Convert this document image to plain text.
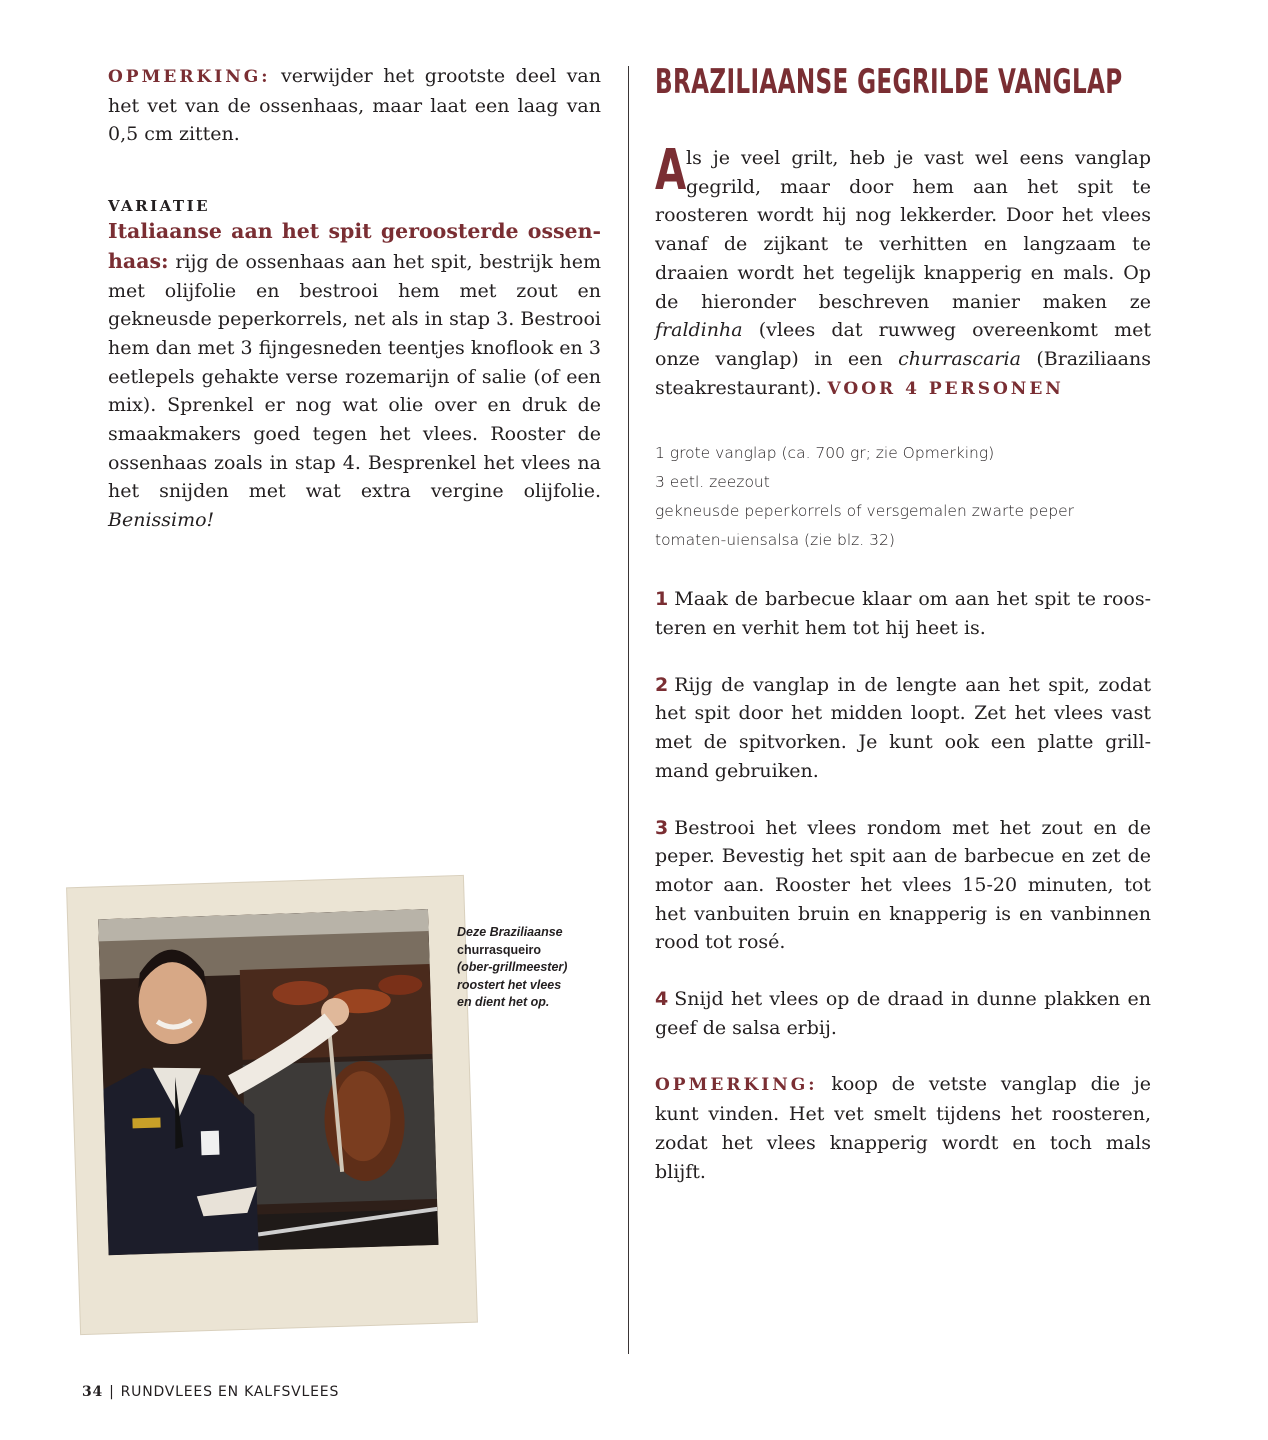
OPMERKING: verwijder het grootste deel van het vet van de ossenhaas, maar laat een laag van 0,5 cm zitten.

VARIATIE

Italiaanse aan het spit geroosterde ossenhaas: rijg de ossenhaas aan het spit, bestrijk hem met olijfolie en bestrooi hem met zout en gekneusde peperkorrels, net als in stap 3. Bestrooi hem dan met 3 fijngesneden teentjes knoflook en 3 eetlepels gehakte verse rozemarijn of salie (of een mix). Sprenkel er nog wat olie over en druk de smaakmakers goed tegen het vlees. Rooster de ossenhaas zoals in stap 4. Besprenkel het vlees na het snijden met wat extra vergine olijfolie. Benissimo!

Deze Braziliaanse
churrasqueiro
(ober-grillmeester)
roostert het vlees
en dient het op.
BRAZILIAANSE GEGRILDE VANGLAP

Als je veel grilt, heb je vast wel eens vanglap gegrild, maar door hem aan het spit te roosteren wordt hij nog lekkerder. Door het vlees vanaf de zijkant te verhitten en langzaam te draaien wordt het tegelijk knapperig en mals. Op de hieronder beschreven manier maken ze fraldinha (vlees dat ruwweg overeenkomt met onze vanglap) in een churrascaria (Braziliaans steakrestaurant). VOOR 4 PERSONEN

1 grote vanglap (ca. 700 gr; zie Opmerking)

3 eetl. zeezout

gekneusde peperkorrels of versgemalen zwarte peper

tomaten-uiensalsa (zie blz. 32)

1 Maak de barbecue klaar om aan het spit te roosteren en verhit hem tot hij heet is.

2 Rijg de vanglap in de lengte aan het spit, zodat het spit door het midden loopt. Zet het vlees vast met de spitvorken. Je kunt ook een platte grillmand gebruiken.

3 Bestrooi het vlees rondom met het zout en de peper. Bevestig het spit aan de barbecue en zet de motor aan. Rooster het vlees 15-20 minuten, tot het vanbuiten bruin en knapperig is en vanbinnen rood tot rosé.

4 Snijd het vlees op de draad in dunne plakken en geef de salsa erbij.

OPMERKING: koop de vetste vanglap die je kunt vinden. Het vet smelt tijdens het roosteren, zodat het vlees knapperig wordt en toch mals blijft.

34 | RUNDVLEES EN KALFSVLEES
